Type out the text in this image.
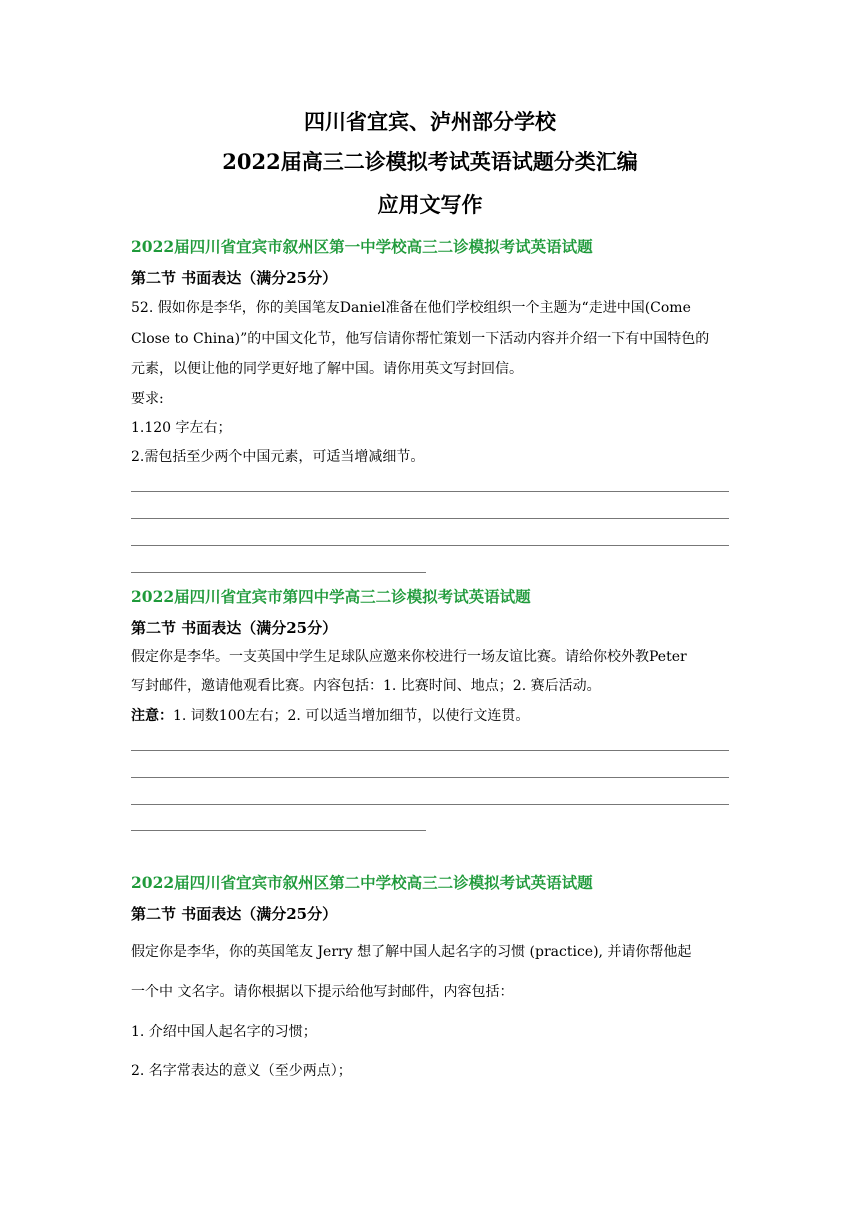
四川省宜宾、泸州部分学校
2022届高三二诊模拟考试英语试题分类汇编
应用文写作
2022届四川省宜宾市叙州区第一中学校高三二诊模拟考试英语试题
第二节 书面表达（满分25分）
52. 假如你是李华，你的美国笔友Daniel准备在他们学校组织一个主题为“走进中国(Come
Close to China)”的中国文化节，他写信请你帮忙策划一下活动内容并介绍一下有中国特色的
元素，以便让他的同学更好地了解中国。请你用英文写封回信。
要求:
1.120 字左右；
2.需包括至少两个中国元素，可适当增减细节。
2022届四川省宜宾市第四中学高三二诊模拟考试英语试题
第二节 书面表达（满分25分）
假定你是李华。一支英国中学生足球队应邀来你校进行一场友谊比赛。请给你校外教Peter
写封邮件，邀请他观看比赛。内容包括：1. 比赛时间、地点；2. 赛后活动。
注意：1. 词数100左右；2. 可以适当增加细节，以使行文连贯。
2022届四川省宜宾市叙州区第二中学校高三二诊模拟考试英语试题
第二节 书面表达（满分25分）
假定你是李华，你的英国笔友 Jerry 想了解中国人起名字的习惯 (practice), 并请你帮他起
一个中 文名字。请你根据以下提示给他写封邮件，内容包括：
1. 介绍中国人起名字的习惯；
2. 名字常表达的意义（至少两点）；
